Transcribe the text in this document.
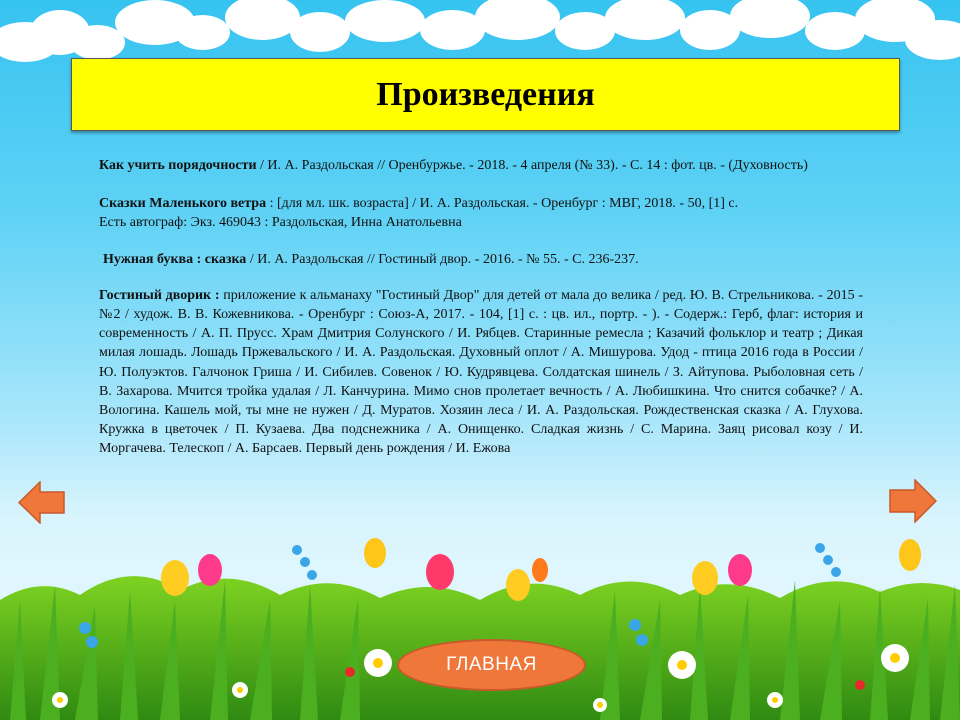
Произведения

Как учить порядочности / И. А. Раздольская // Оренбуржье. - 2018. - 4 апреля (№ 33). - С. 14 : фот. цв. - (Духовность)

Сказки Маленького ветра : [для мл. шк. возраста] / И. А. Раздольская. - Оренбург : МВГ, 2018. - 50, [1] с.

Есть автограф: Экз. 469043 : Раздольская, Инна Анатольевна

Нужная буква : сказка / И. А. Раздольская // Гостиный двор. - 2016. - № 55. - С. 236-237.

Гостиный дворик : приложение к альманаху "Гостиный Двор" для детей от мала до велика / ред. Ю. В. Стрельникова. - 2015 - №2 / худож. В. В. Кожевникова. - Оренбург : Союз-А, 2017. - 104, [1] с. : цв. ил., портр. - ). - Содерж.: Герб, флаг: история и современность / А. П. Пруcс. Храм Дмитрия Солунского / И. Рябцев. Старинные ремесла ; Казачий фольклор и театр ; Дикая милая лошадь. Лошадь Пржевальского / И. А. Раздольская. Духовный оплот / А. Мишурова. Удод - птица 2016 года в России / Ю. Полуэктов. Галчонок Гриша / И. Сибилев. Совенок / Ю. Кудрявцева. Солдатская шинель / З. Айтупова. Рыболовная сеть / В. Захарова. Мчится тройка удалая / Л. Канчурина. Мимо снов пролетает вечность / А. Любишкина. Что снится собачке? / А. Вологина. Кашель мой, ты мне не нужен / Д. Муратов. Хозяин леса / И. А. Раздольская. Рождественская сказка / А. Глухова. Кружка в цветочек / П. Кузаева. Два подснежника / А. Онищенко. Сладкая жизнь / С. Марина. Заяц рисовал козу / И. Моргачева. Телескоп / А. Барсаев. Первый день рождения / И. Ежова

ГЛАВНАЯ
